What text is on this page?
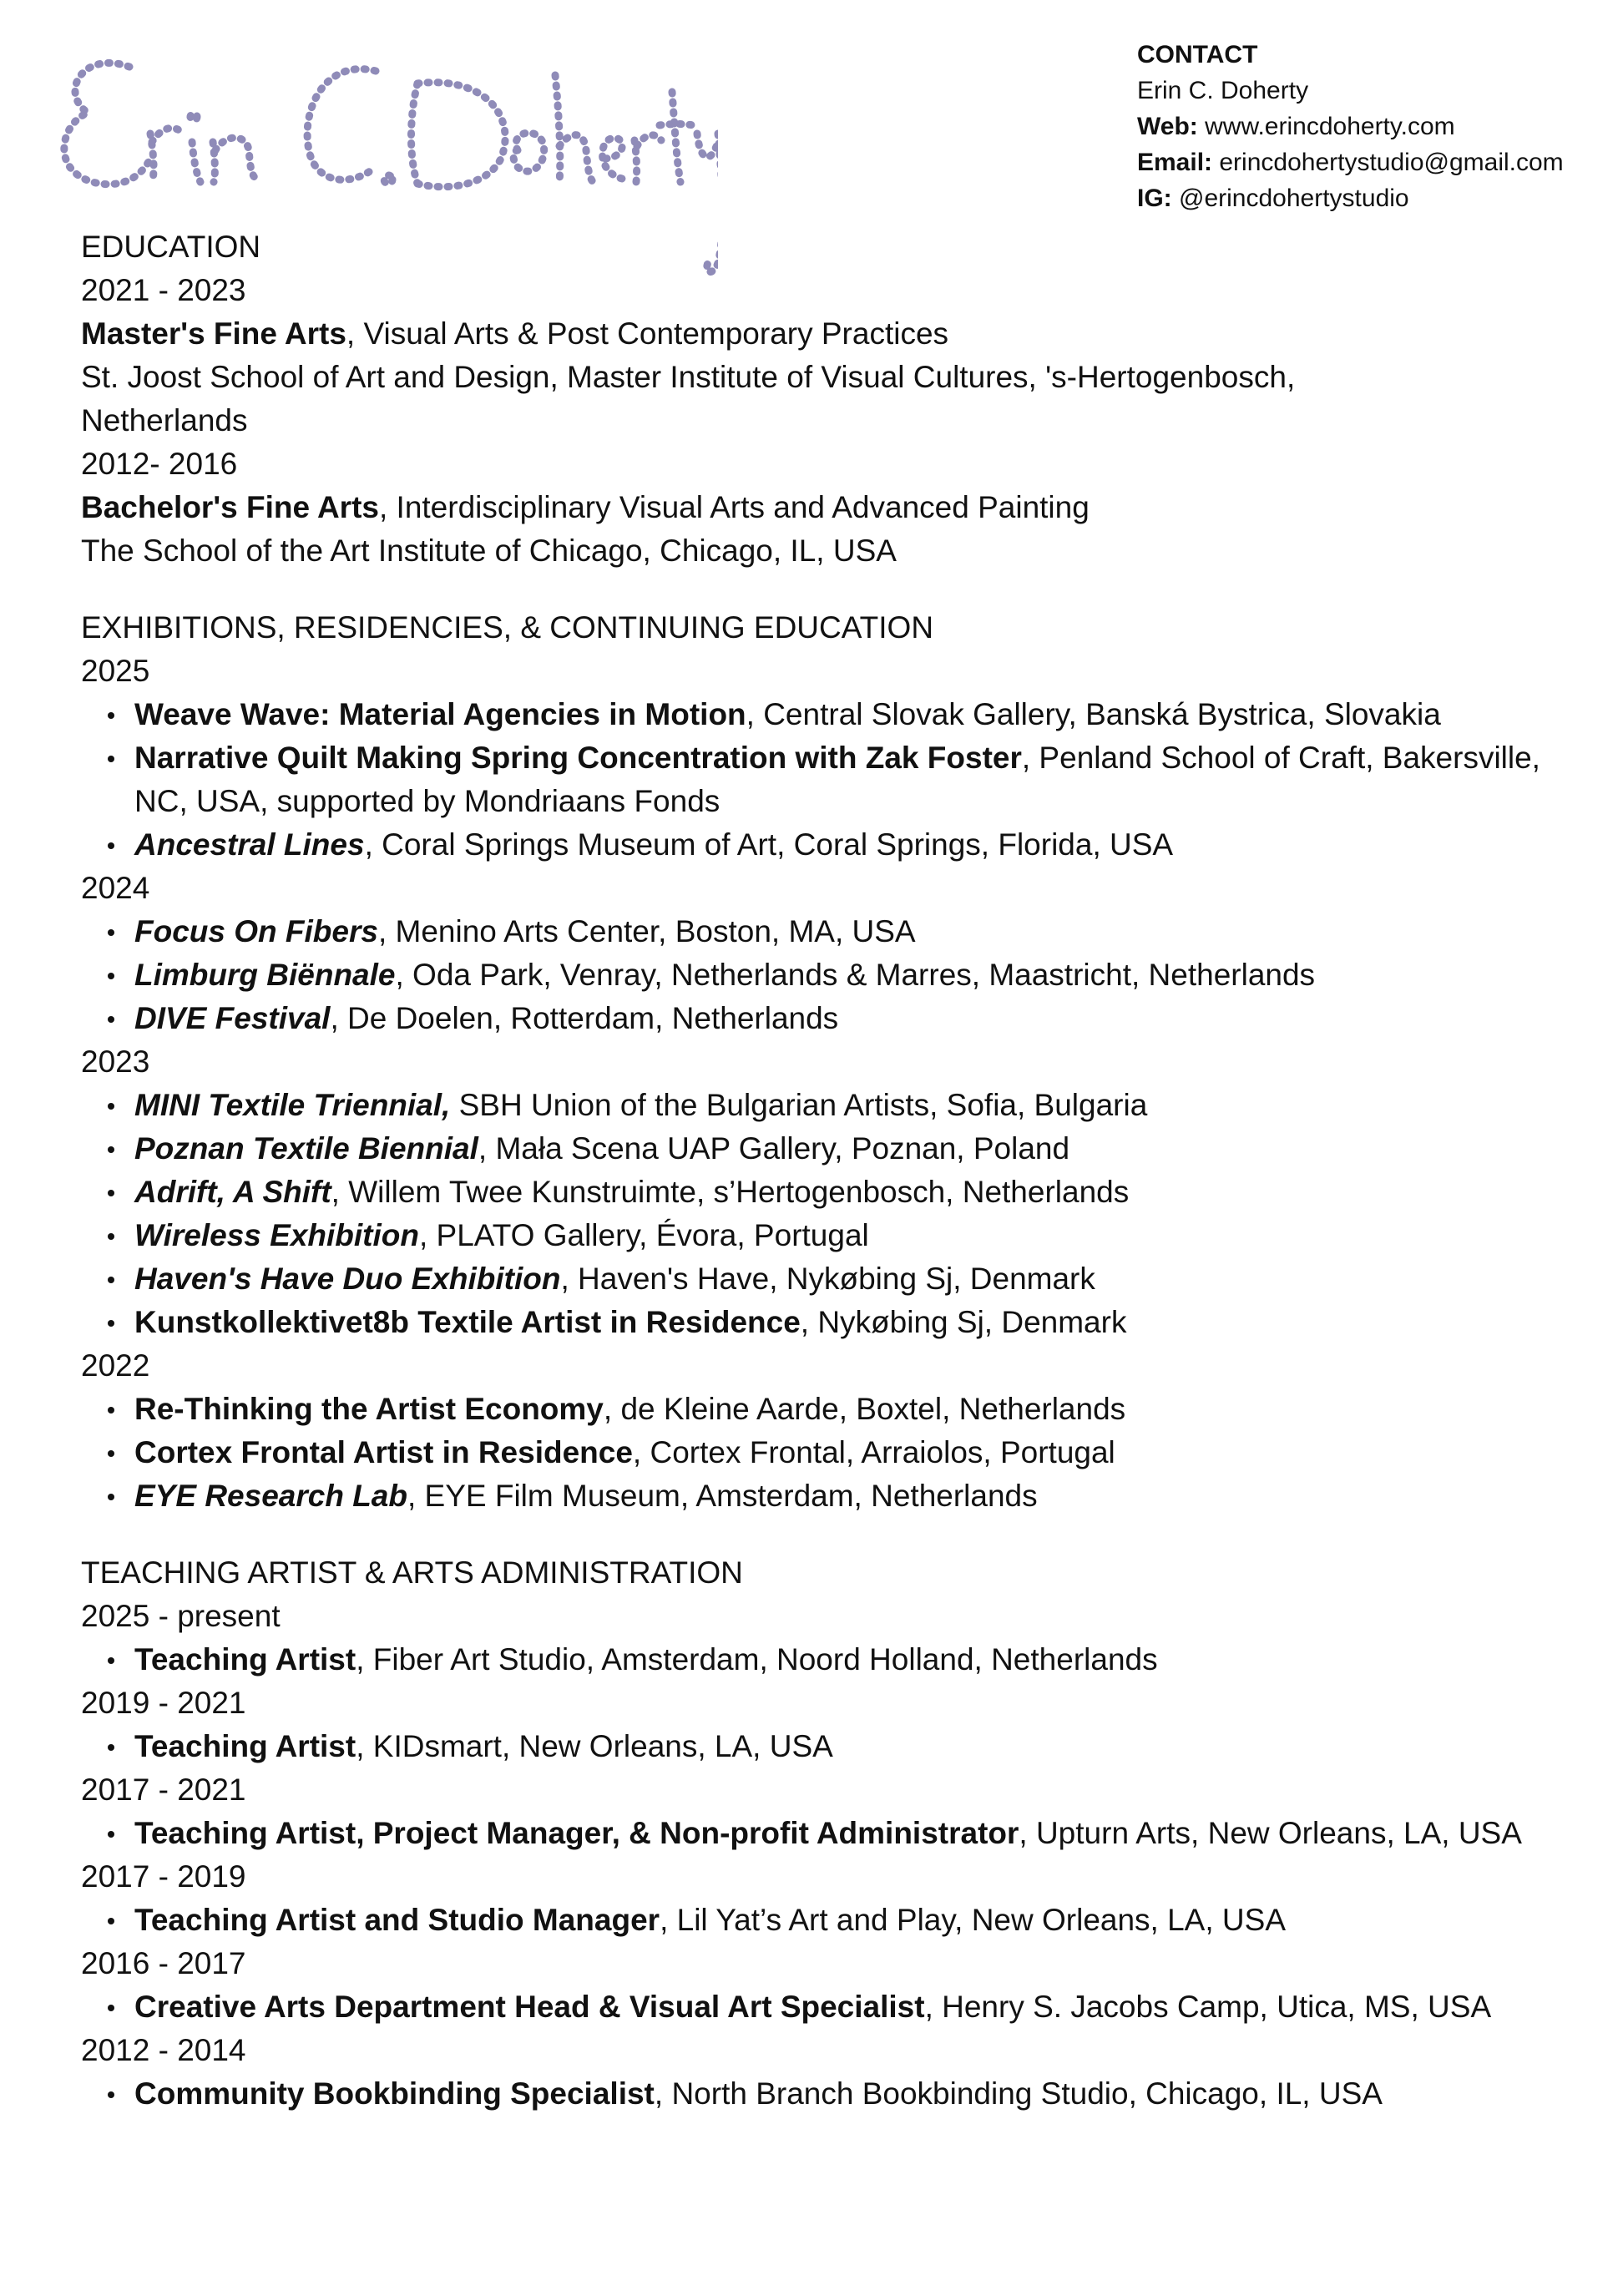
CONTACT
Erin C. Doherty
Web: www.erincdoherty.com
Email: erincdohertystudio@gmail.com
IG: @erincdohertystudio
EDUCATION
2021 - 2023
Master's Fine Arts, Visual Arts & Post Contemporary Practices
St. Joost School of Art and Design, Master Institute of Visual Cultures, 's-Hertogenbosch,
Netherlands
2012- 2016
Bachelor's Fine Arts, Interdisciplinary Visual Arts and Advanced Painting
The School of the Art Institute of Chicago, Chicago, IL, USA
EXHIBITIONS, RESIDENCIES, & CONTINUING EDUCATION
2025
Weave Wave: Material Agencies in Motion, Central Slovak Gallery, Banská Bystrica, Slovakia
Narrative Quilt Making Spring Concentration with Zak Foster, Penland School of Craft, Bakersville, NC, USA, supported by Mondriaans Fonds
Ancestral Lines, Coral Springs Museum of Art, Coral Springs, Florida, USA
2024
Focus On Fibers, Menino Arts Center, Boston, MA, USA
Limburg Biënnale, Oda Park, Venray, Netherlands & Marres, Maastricht, Netherlands
DIVE Festival, De Doelen, Rotterdam, Netherlands
2023
MINI Textile Triennial, SBH Union of the Bulgarian Artists, Sofia, Bulgaria
Poznan Textile Biennial, Mała Scena UAP Gallery, Poznan, Poland
Adrift, A Shift, Willem Twee Kunstruimte, s’Hertogenbosch, Netherlands
Wireless Exhibition, PLATO Gallery, Évora, Portugal
Haven's Have Duo Exhibition, Haven's Have, Nykøbing Sj, Denmark
Kunstkollektivet8b Textile Artist in Residence, Nykøbing Sj, Denmark
2022
Re-Thinking the Artist Economy, de Kleine Aarde, Boxtel, Netherlands
Cortex Frontal Artist in Residence, Cortex Frontal, Arraiolos, Portugal
EYE Research Lab, EYE Film Museum, Amsterdam, Netherlands
TEACHING ARTIST & ARTS ADMINISTRATION
2025 - present
Teaching Artist, Fiber Art Studio, Amsterdam, Noord Holland, Netherlands
2019 - 2021
Teaching Artist, KIDsmart, New Orleans, LA, USA
2017 - 2021
Teaching Artist, Project Manager, & Non-profit Administrator, Upturn Arts, New Orleans, LA, USA
2017 - 2019
Teaching Artist and Studio Manager, Lil Yat’s Art and Play, New Orleans, LA, USA
2016 - 2017
Creative Arts Department Head & Visual Art Specialist, Henry S. Jacobs Camp, Utica, MS, USA
2012 - 2014
Community Bookbinding Specialist, North Branch Bookbinding Studio, Chicago, IL, USA
